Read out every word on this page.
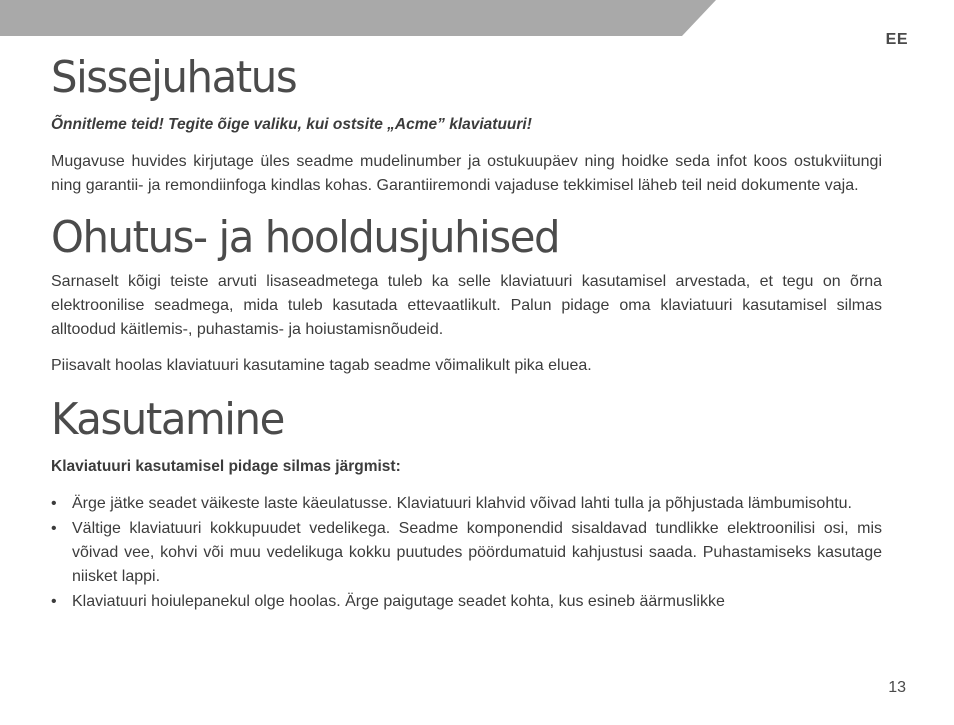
EE
Sissejuhatus
Õnnitleme teid! Tegite õige valiku, kui ostsite „Acme” klaviatuuri!

Mugavuse huvides kirjutage üles seadme mudelinumber ja ostukuupäev ning hoidke seda infot koos ostukviitungi ning garantii- ja remondiinfoga kindlas kohas. Garantiiremondi vajaduse tekkimisel läheb teil neid dokumente vaja.

Ohutus- ja hooldusjuhised

Sarnaselt kõigi teiste arvuti lisaseadmetega tuleb ka selle klaviatuuri kasutamisel arvestada, et tegu on õrna elektroonilise seadmega, mida tuleb kasutada ettevaatlikult. Palun pidage oma klaviatuuri kasutamisel silmas alltoodud käitlemis-, puhastamis- ja hoiustamisnõudeid.

Piisavalt hoolas klaviatuuri kasutamine tagab seadme võimalikult pika eluea.

Kasutamine
Klaviatuuri kasutamisel pidage silmas järgmist:
• Ärge jätke seadet väikeste laste käeulatusse. Klaviatuuri klahvid võivad lahti tulla ja põhjustada lämbumisohtu.
• Vältige klaviatuuri kokkupuudet vedelikega. Seadme komponendid sisaldavad tundlikke elektroonilisi osi, mis võivad vee, kohvi või muu vedelikuga kokku puutudes pöördumatuid kahjustusi saada. Puhastamiseks kasutage niisket lappi.
• Klaviatuuri hoiulepanekul olge hoolas. Ärge paigutage seadet kohta, kus esineb äärmuslikke
13
